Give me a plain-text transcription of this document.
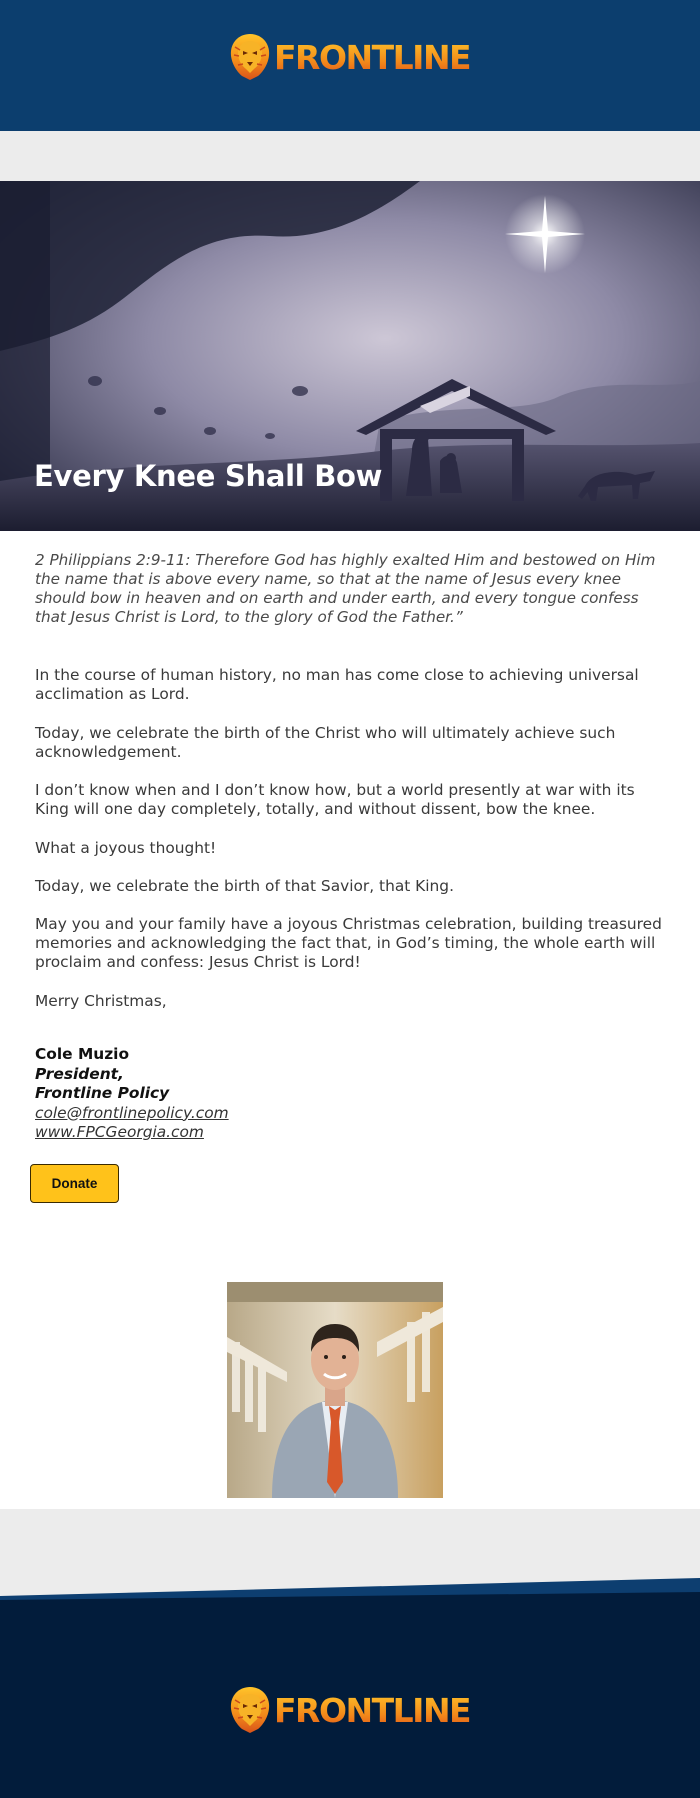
FRONTLINE
Every Knee Shall Bow
2 Philippians 2:9-11: Therefore God has highly exalted Him and bestowed on Him the name that is above every name, so that at the name of Jesus every knee should bow in heaven and on earth and under earth, and every tongue confess that Jesus Christ is Lord, to the glory of God the Father.”
In the course of human history, no man has come close to achieving universal acclimation as Lord.
Today, we celebrate the birth of the Christ who will ultimately achieve such acknowledgement.
I don’t know when and I don’t know how, but a world presently at war with its King will one day completely, totally, and without dissent, bow the knee.
What a joyous thought!
Today, we celebrate the birth of that Savior, that King.
May you and your family have a joyous Christmas celebration, building treasured memories and acknowledging the fact that, in God’s timing, the whole earth will proclaim and confess: Jesus Christ is Lord!
Merry Christmas,
Cole Muzio
President,
Frontline Policy
cole@frontlinepolicy.com
www.FPCGeorgia.com
Donate
FRONTLINE
